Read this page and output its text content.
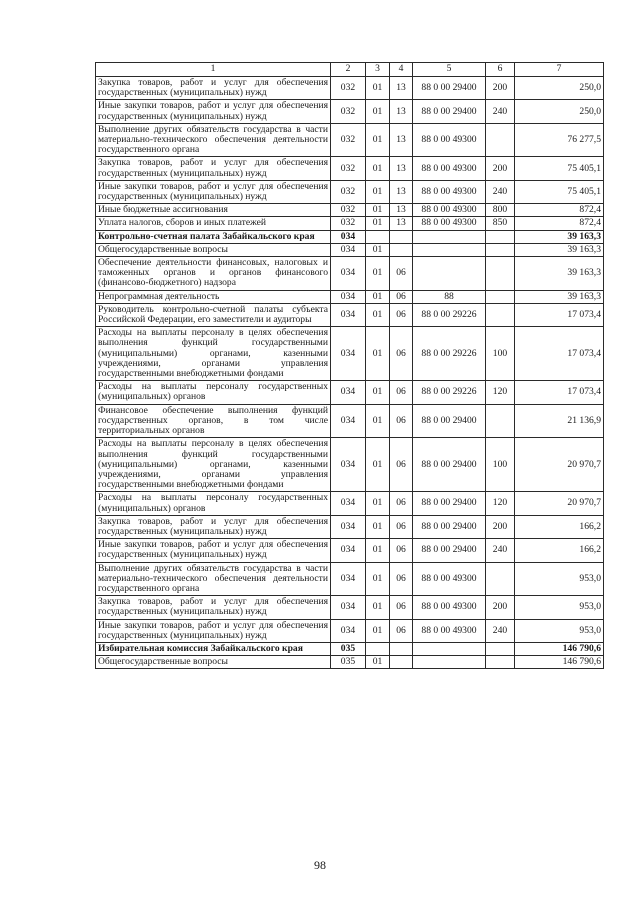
1	2	3	4	5	6	7
Закупка товаров, работ и услуг для обеспечения государственных (муниципальных) нужд	032	01	13	88 0 00 29400	200	250,0
Иные закупки товаров, работ и услуг для обеспечения государственных (муниципальных) нужд	032	01	13	88 0 00 29400	240	250,0
Выполнение других обязательств государства в части материально-технического обеспечения деятельности государственного органа	032	01	13	88 0 00 49300		76 277,5
Закупка товаров, работ и услуг для обеспечения государственных (муниципальных) нужд	032	01	13	88 0 00 49300	200	75 405,1
Иные закупки товаров, работ и услуг для обеспечения государственных (муниципальных) нужд	032	01	13	88 0 00 49300	240	75 405,1
Иные бюджетные ассигнования	032	01	13	88 0 00 49300	800	872,4
Уплата налогов, сборов и иных платежей	032	01	13	88 0 00 49300	850	872,4
Контрольно-счетная палата Забайкальского края	034					39 163,3
Общегосударственные вопросы	034	01				39 163,3
Обеспечение деятельности финансовых, налоговых и таможенных органов и органов финансового (финансово-бюджетного) надзора	034	01	06			39 163,3
Непрограммная деятельность	034	01	06	88		39 163,3
Руководитель контрольно-счетной палаты субъекта Российской Федерации, его заместители и аудиторы	034	01	06	88 0 00 29226		17 073,4
Расходы на выплаты персоналу в целях обеспечения выполнения функций государственными (муниципальными) органами, казенными учреждениями, органами управления государственными внебюджетными фондами	034	01	06	88 0 00 29226	100	17 073,4
Расходы на выплаты персоналу государственных (муниципальных) органов	034	01	06	88 0 00 29226	120	17 073,4
Финансовое обеспечение выполнения функций государственных органов, в том числе территориальных органов	034	01	06	88 0 00 29400		21 136,9
Расходы на выплаты персоналу в целях обеспечения выполнения функций государственными (муниципальными) органами, казенными учреждениями, органами управления государственными внебюджетными фондами	034	01	06	88 0 00 29400	100	20 970,7
Расходы на выплаты персоналу государственных (муниципальных) органов	034	01	06	88 0 00 29400	120	20 970,7
Закупка товаров, работ и услуг для обеспечения государственных (муниципальных) нужд	034	01	06	88 0 00 29400	200	166,2
Иные закупки товаров, работ и услуг для обеспечения государственных (муниципальных) нужд	034	01	06	88 0 00 29400	240	166,2
Выполнение других обязательств государства в части материально-технического обеспечения деятельности государственного органа	034	01	06	88 0 00 49300		953,0
Закупка товаров, работ и услуг для обеспечения государственных (муниципальных) нужд	034	01	06	88 0 00 49300	200	953,0
Иные закупки товаров, работ и услуг для обеспечения государственных (муниципальных) нужд	034	01	06	88 0 00 49300	240	953,0
Избирательная комиссия Забайкальского края	035					146 790,6
Общегосударственные вопросы	035	01				146 790,6
98
